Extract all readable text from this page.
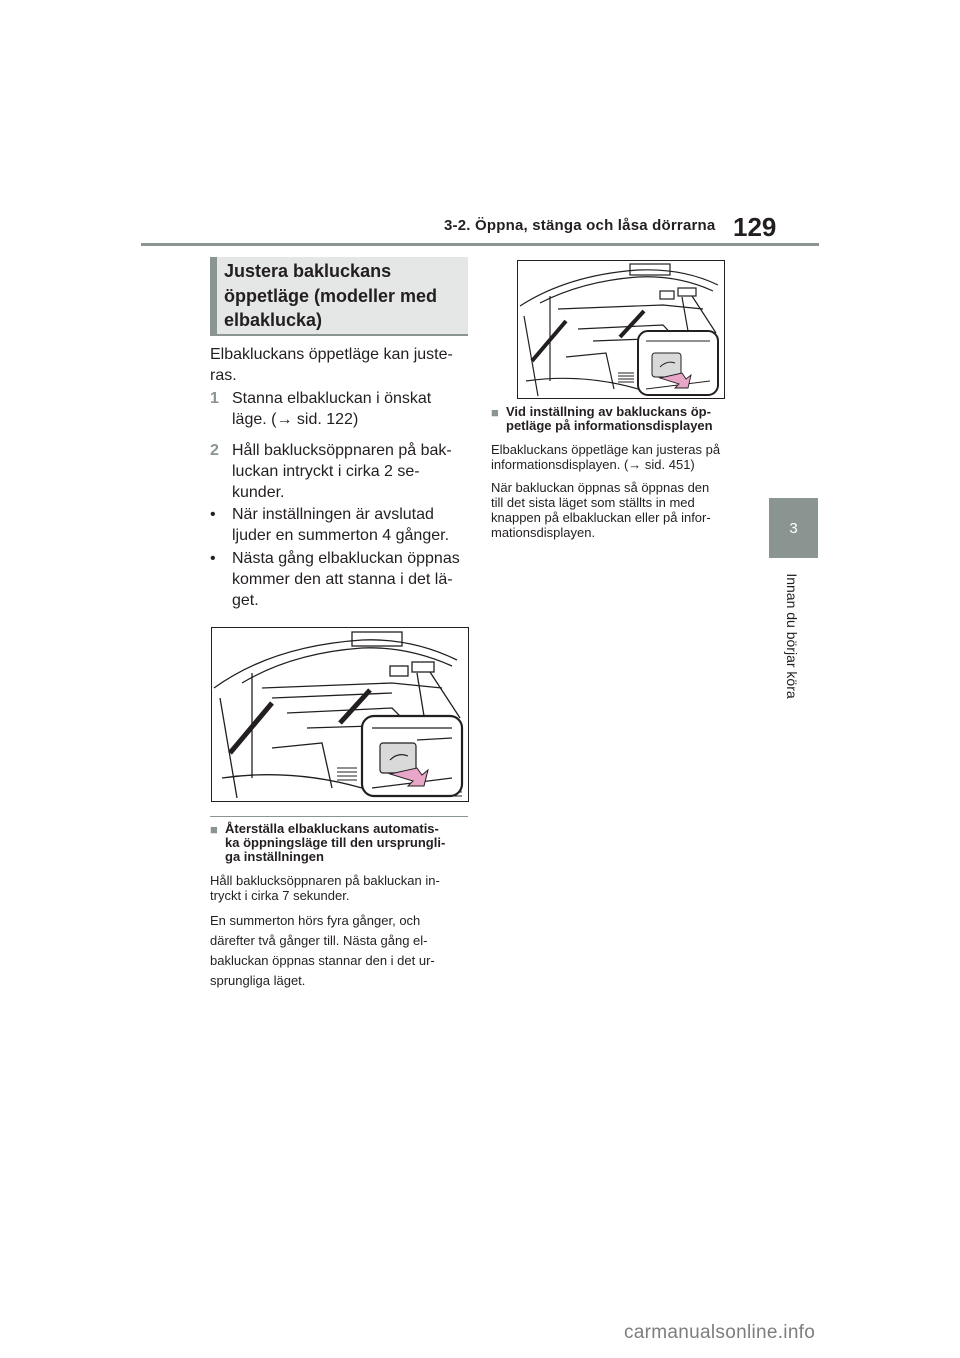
3-2. Öppna, stänga och låsa dörrarna 129
3
Innan du börjar köra
Justera bakluckans
öppetläge (modeller med
elbaklucka)
Elbakluckans öppetläge kan juste-
ras.
1 Stanna elbakluckan i önskat
läge. (→ sid. 122)
2 Håll baklucksöppnaren på bak-
luckan intryckt i cirka 2 se-
kunder.
• När inställningen är avslutad
ljuder en summerton 4 gånger.
• Nästa gång elbakluckan öppnas
kommer den att stanna i det lä-
get.
■ Återställa elbakluckans automatis-
ka öppningsläge till den ursprungli-
ga inställningen
Håll baklucksöppnaren på bakluckan in-
tryckt i cirka 7 sekunder.
En summerton hörs fyra gånger, och
därefter två gånger till. Nästa gång el-
bakluckan öppnas stannar den i det ur-
sprungliga läget.
■ Vid inställning av bakluckans öp-
petläge på informationsdisplayen
Elbakluckans öppetläge kan justeras på
informationsdisplayen. (→ sid. 451)
När bakluckan öppnas så öppnas den
till det sista läget som ställts in med
knappen på elbakluckan eller på infor-
mationsdisplayen.
carmanualsonline.info
